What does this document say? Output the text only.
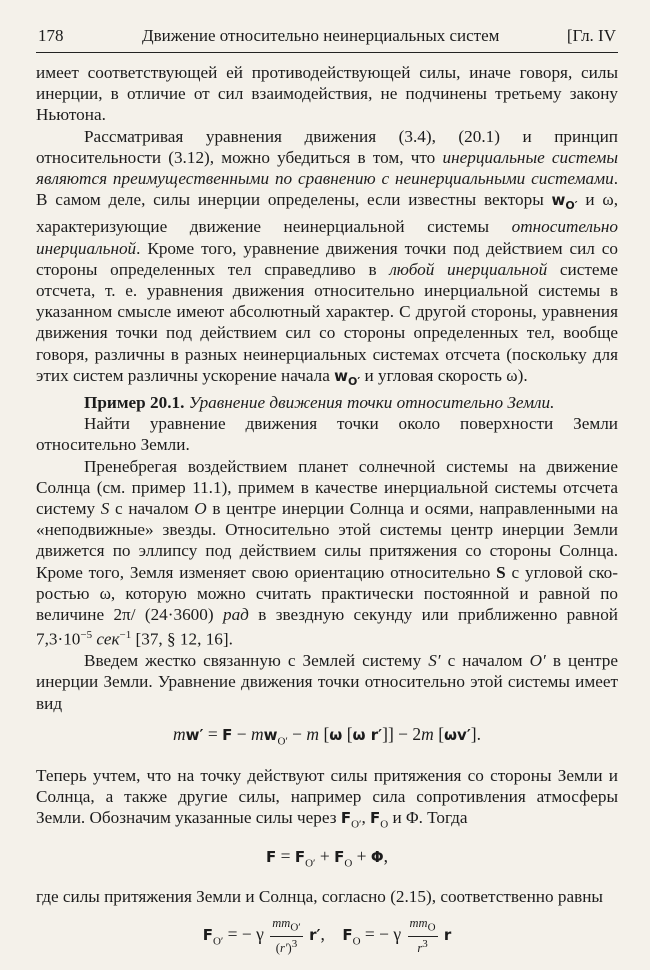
178	Движение относительно неинерциальных систем	[Гл. IV

имеет соответствующей ей противодействующей силы, иначе говоря, силы инерции, в отличие от сил взаимодействия, не подчинены третьему закону Ньютона.

Рассматривая уравнения движения (3.4), (20.1) и принцип относительности (3.12), можно убедиться в том, что инерциальные системы являются преимущественными по сравнению с неинерциальными системами. В самом деле, силы инерции определены, если известны векторы $w_{O'}$ и ω, характеризующие движение неинерциальной системы относительно инерциальной. Кроме того, уравнение движения точки под действием сил со стороны определенных тел справедливо в любой инерциальной системе отсчета, т. е. уравнения движения относительно инерциальной системы в указанном смысле имеют абсолютный характер. С другой стороны, уравнения движения точки под действием сил со стороны определенных тел, вообще говоря, различны в разных неинерциальных системах отсчета (поскольку для этих систем различны ускорение начала $w_{O'}$ и угловая скорость ω).

Пример 20.1. Уравнение движения точки относительно Земли.

Найти уравнение движения точки около поверхности Земли относительно Земли.

Пренебрегая воздействием планет солнечной системы на движение Солнца (см. пример 11.1), примем в качестве инерциальной системы отсчета систему S с началом O в центре инерции Солнца и осями, направленными на «неподвижные» звезды. Относительно этой системы центр инерции Земли движется по эллипсу под действием силы притяжения со стороны Солнца. Кроме того, Земля изменяет свою ориентацию относительно S с угловой скоростью ω, которую можно считать практически постоянной и равной по величине 2π/ (24·3600) рад в звездную секунду или приближенно равной $7,3\cdot 10^{-5}$ сек$^{-1}$ [37, § 12, 16].

Введем жестко связанную с Землей систему S′ с началом O′ в центре инерции Земли. Уравнение движения точки относительно этой системы имеет вид

$mw' = F - mw_{O'} - m$ [ω [ω r′]] − 2m [ωv′].

Теперь учтем, что на точку действуют силы притяжения со стороны Земли и Солнца, а также другие силы, например сила сопротивления атмосферы Земли. Обозначим указанные силы через $F_{O'}$, $F_O$ и Φ. Тогда

$F = F_{O'} + F_O + \Phi$,

где силы притяжения Земли и Солнца, согласно (2.15), соответственно равны

$F_{O'}$ = − γ $\frac{mm_{O'}}{(r')^3} r'$,    $F_O$ = − γ $\frac{mm_O}{r^3}$ r
